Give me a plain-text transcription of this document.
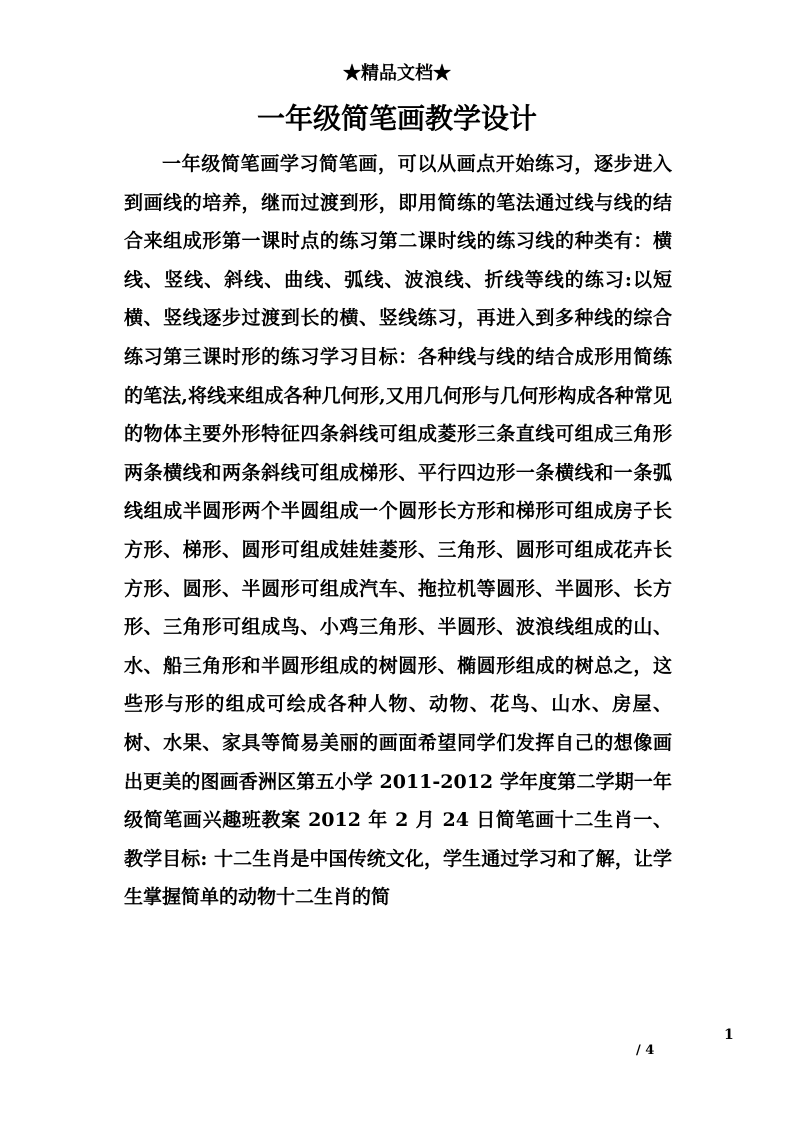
★精品文档★
一年级简笔画教学设计

一年级简笔画学习简笔画，可以从画点开始练习，逐步进入到画线的培养，继而过渡到形，即用简练的笔法通过线与线的结合来组成形第一课时点的练习第二课时线的练习线的种类有：横线、竖线、斜线、曲线、弧线、波浪线、折线等线的练习:以短横、竖线逐步过渡到长的横、竖线练习，再进入到多种线的综合练习第三课时形的练习学习目标：各种线与线的结合成形用简练的笔法,将线来组成各种几何形,又用几何形与几何形构成各种常见的物体主要外形特征四条斜线可组成菱形三条直线可组成三角形两条横线和两条斜线可组成梯形、平行四边形一条横线和一条弧线组成半圆形两个半圆组成一个圆形长方形和梯形可组成房子长方形、梯形、圆形可组成娃娃菱形、三角形、圆形可组成花卉长方形、圆形、半圆形可组成汽车、拖拉机等圆形、半圆形、长方形、三角形可组成鸟、小鸡三角形、半圆形、波浪线组成的山、水、船三角形和半圆形组成的树圆形、椭圆形组成的树总之，这些形与形的组成可绘成各种人物、动物、花鸟、山水、房屋、树、水果、家具等简易美丽的画面希望同学们发挥自己的想像画出更美的图画香洲区第五小学 2011-2012 学年度第二学期一年级简笔画兴趣班教案 2012 年 2 月 24 日简笔画十二生肖一、教学目标: 十二生肖是中国传统文化，学生通过学习和了解，让学生掌握简单的动物十二生肖的简

1
/ 4
